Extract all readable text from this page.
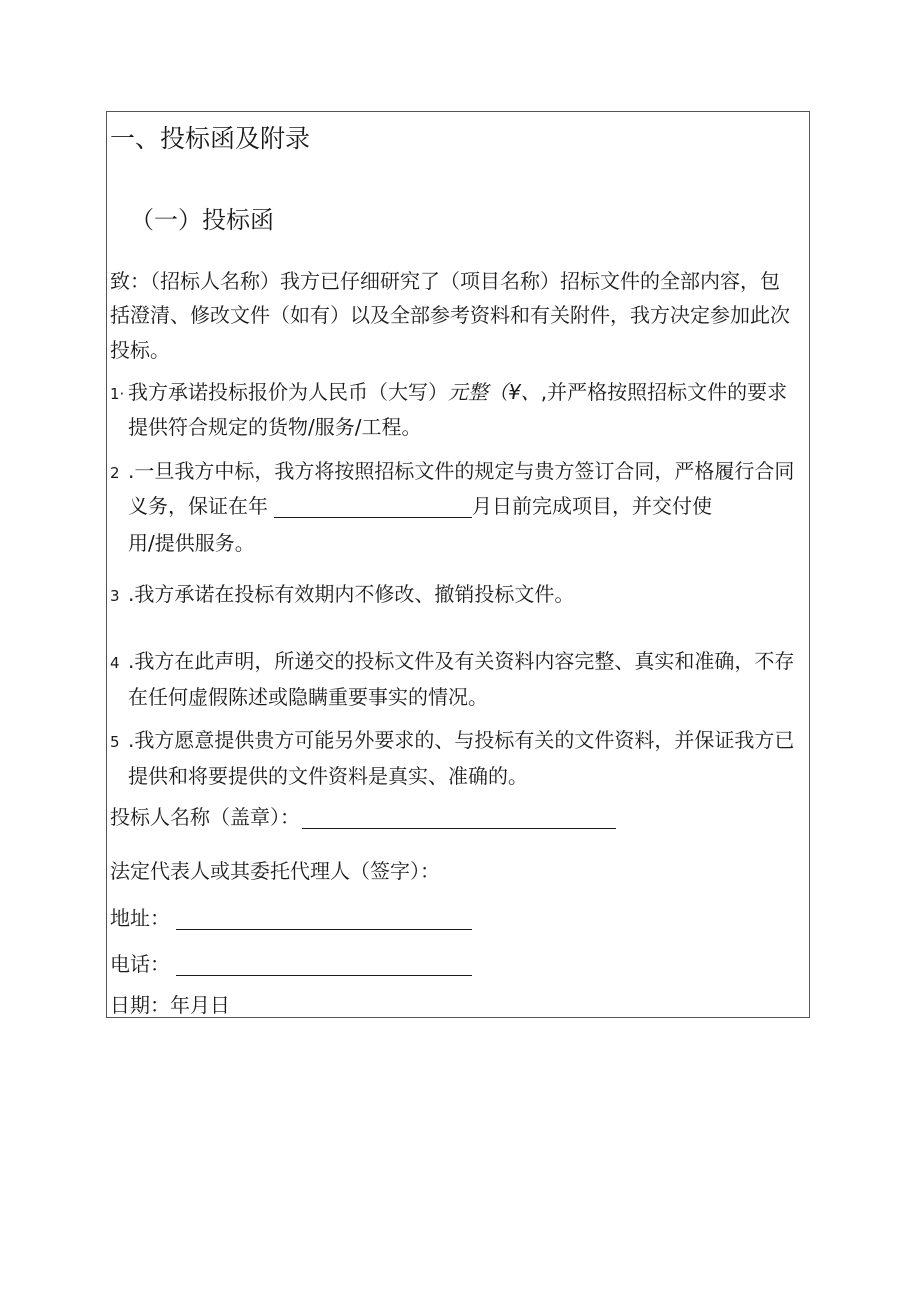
一、投标函及附录
（一）投标函
致：（招标人名称）我方已仔细研究了（项目名称）招标文件的全部内容，包
括澄清、修改文件（如有）以及全部参考资料和有关附件，我方决定参加此次
投标。
1· 我方承诺投标报价为人民币（大写）元整（¥、,并严格按照招标文件的要求
提供符合规定的货物/服务/工程。
2 .一旦我方中标，我方将按照招标文件的规定与贵方签订合同，严格履行合同
义务，保证在年	月日前完成项目，并交付使
用/提供服务。
3 .我方承诺在投标有效期内不修改、撤销投标文件。
4 .我方在此声明，所递交的投标文件及有关资料内容完整、真实和准确，不存
在任何虚假陈述或隐瞒重要事实的情况。
5 .我方愿意提供贵方可能另外要求的、与投标有关的文件资料，并保证我方已
提供和将要提供的文件资料是真实、准确的。
投标人名称（盖章）：
法定代表人或其委托代理人（签字）：
地址：
电话：
日期：年月日
